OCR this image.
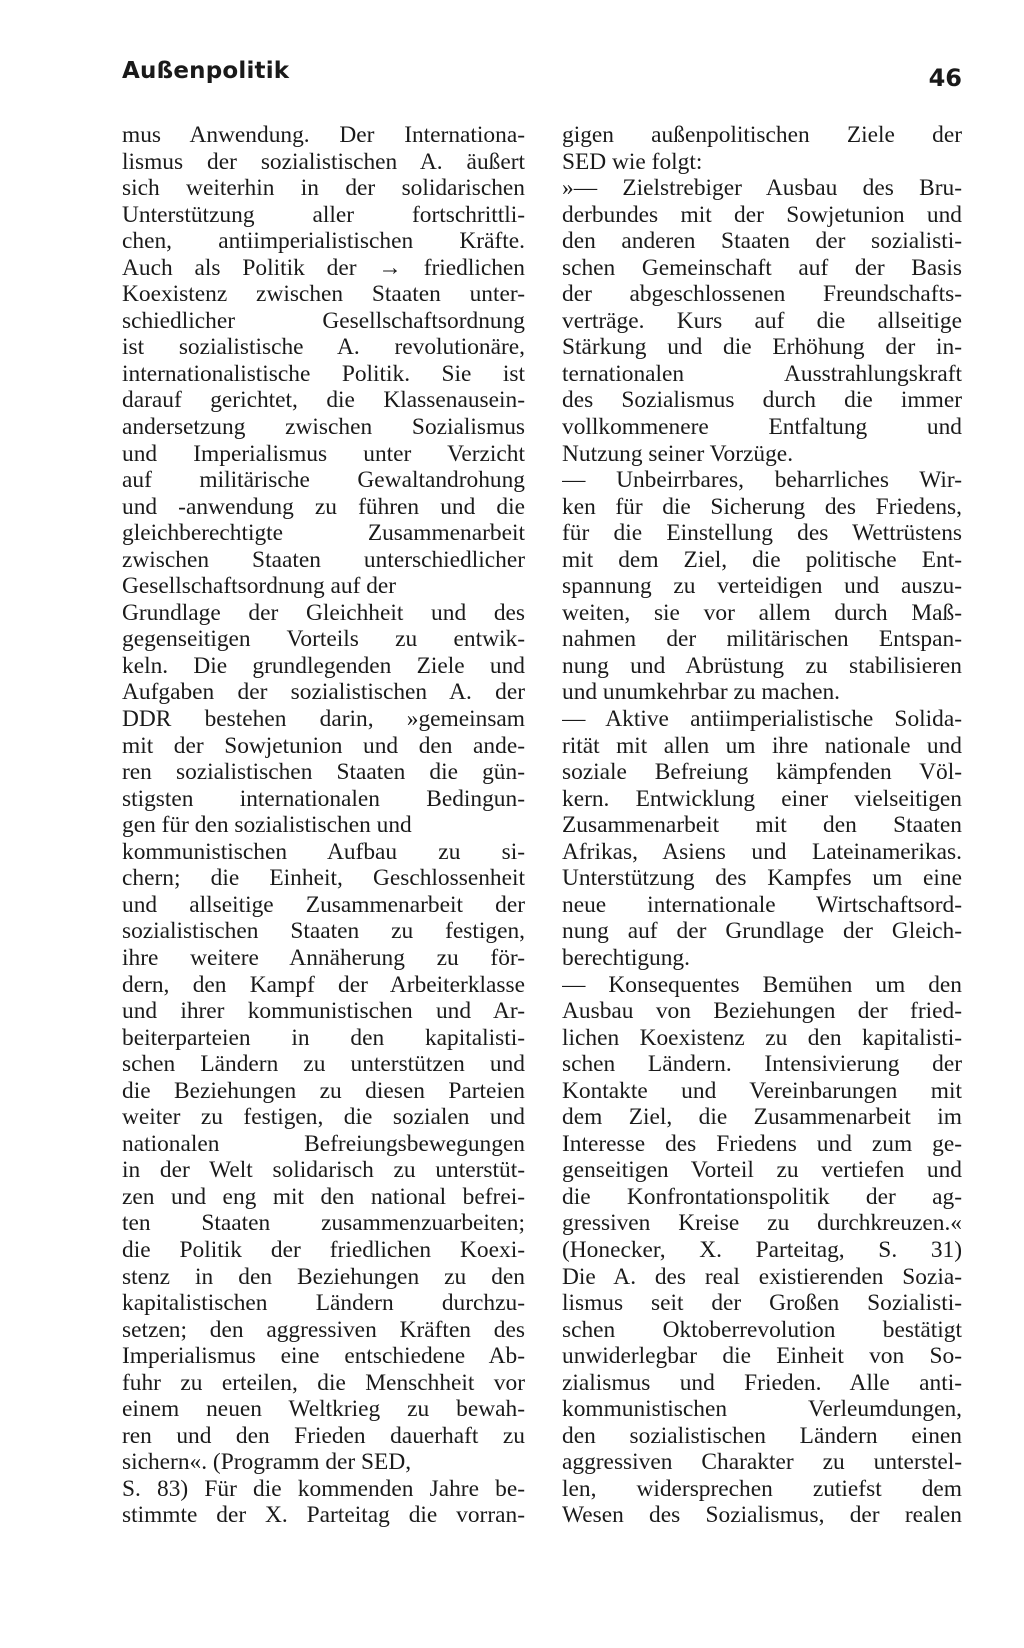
Außenpolitik	46
mus Anwendung. Der Internationa-
lismus der sozialistischen A. äußert
sich weiterhin in der solidarischen
Unterstützung aller fortschrittli-
chen, antiimperialistischen Kräfte.
Auch als Politik der → friedlichen
Koexistenz zwischen Staaten unter-
schiedlicher Gesellschaftsordnung
ist sozialistische A. revolutionäre,
internationalistische Politik. Sie ist
darauf gerichtet, die Klassenausein-
andersetzung zwischen Sozialismus
und Imperialismus unter Verzicht
auf militärische Gewaltandrohung
und -anwendung zu führen und die
gleichberechtigte Zusammenarbeit
zwischen Staaten unterschiedlicher
Gesellschaftsordnung auf der
Grundlage der Gleichheit und des
gegenseitigen Vorteils zu entwik-
keln. Die grundlegenden Ziele und
Aufgaben der sozialistischen A. der
DDR bestehen darin, »gemeinsam
mit der Sowjetunion und den ande-
ren sozialistischen Staaten die gün-
stigsten internationalen Bedingun-
gen für den sozialistischen und
kommunistischen Aufbau zu si-
chern; die Einheit, Geschlossenheit
und allseitige Zusammenarbeit der
sozialistischen Staaten zu festigen,
ihre weitere Annäherung zu för-
dern, den Kampf der Arbeiterklasse
und ihrer kommunistischen und Ar-
beiterparteien in den kapitalisti-
schen Ländern zu unterstützen und
die Beziehungen zu diesen Parteien
weiter zu festigen, die sozialen und
nationalen Befreiungsbewegungen
in der Welt solidarisch zu unterstüt-
zen und eng mit den national befrei-
ten Staaten zusammenzuarbeiten;
die Politik der friedlichen Koexi-
stenz in den Beziehungen zu den
kapitalistischen Ländern durchzu-
setzen; den aggressiven Kräften des
Imperialismus eine entschiedene Ab-
fuhr zu erteilen, die Menschheit vor
einem neuen Weltkrieg zu bewah-
ren und den Frieden dauerhaft zu
sichern«. (Programm der SED,
S. 83) Für die kommenden Jahre be-
stimmte der X. Parteitag die vorran-
gigen außenpolitischen Ziele der
SED wie folgt:
»— Zielstrebiger Ausbau des Bru-
derbundes mit der Sowjetunion und
den anderen Staaten der sozialisti-
schen Gemeinschaft auf der Basis
der abgeschlossenen Freundschafts-
verträge. Kurs auf die allseitige
Stärkung und die Erhöhung der in-
ternationalen Ausstrahlungskraft
des Sozialismus durch die immer
vollkommenere Entfaltung und
Nutzung seiner Vorzüge.
— Unbeirrbares, beharrliches Wir-
ken für die Sicherung des Friedens,
für die Einstellung des Wettrüstens
mit dem Ziel, die politische Ent-
spannung zu verteidigen und auszu-
weiten, sie vor allem durch Maß-
nahmen der militärischen Entspan-
nung und Abrüstung zu stabilisieren
und unumkehrbar zu machen.
— Aktive antiimperialistische Solida-
rität mit allen um ihre nationale und
soziale Befreiung kämpfenden Völ-
kern. Entwicklung einer vielseitigen
Zusammenarbeit mit den Staaten
Afrikas, Asiens und Lateinamerikas.
Unterstützung des Kampfes um eine
neue internationale Wirtschaftsord-
nung auf der Grundlage der Gleich-
berechtigung.
— Konsequentes Bemühen um den
Ausbau von Beziehungen der fried-
lichen Koexistenz zu den kapitalisti-
schen Ländern. Intensivierung der
Kontakte und Vereinbarungen mit
dem Ziel, die Zusammenarbeit im
Interesse des Friedens und zum ge-
genseitigen Vorteil zu vertiefen und
die Konfrontationspolitik der ag-
gressiven Kreise zu durchkreuzen.«
(Honecker, X. Parteitag, S. 31)
Die A. des real existierenden Sozia-
lismus seit der Großen Sozialisti-
schen Oktoberrevolution bestätigt
unwiderlegbar die Einheit von So-
zialismus und Frieden. Alle anti-
kommunistischen Verleumdungen,
den sozialistischen Ländern einen
aggressiven Charakter zu unterstel-
len, widersprechen zutiefst dem
Wesen des Sozialismus, der realen
